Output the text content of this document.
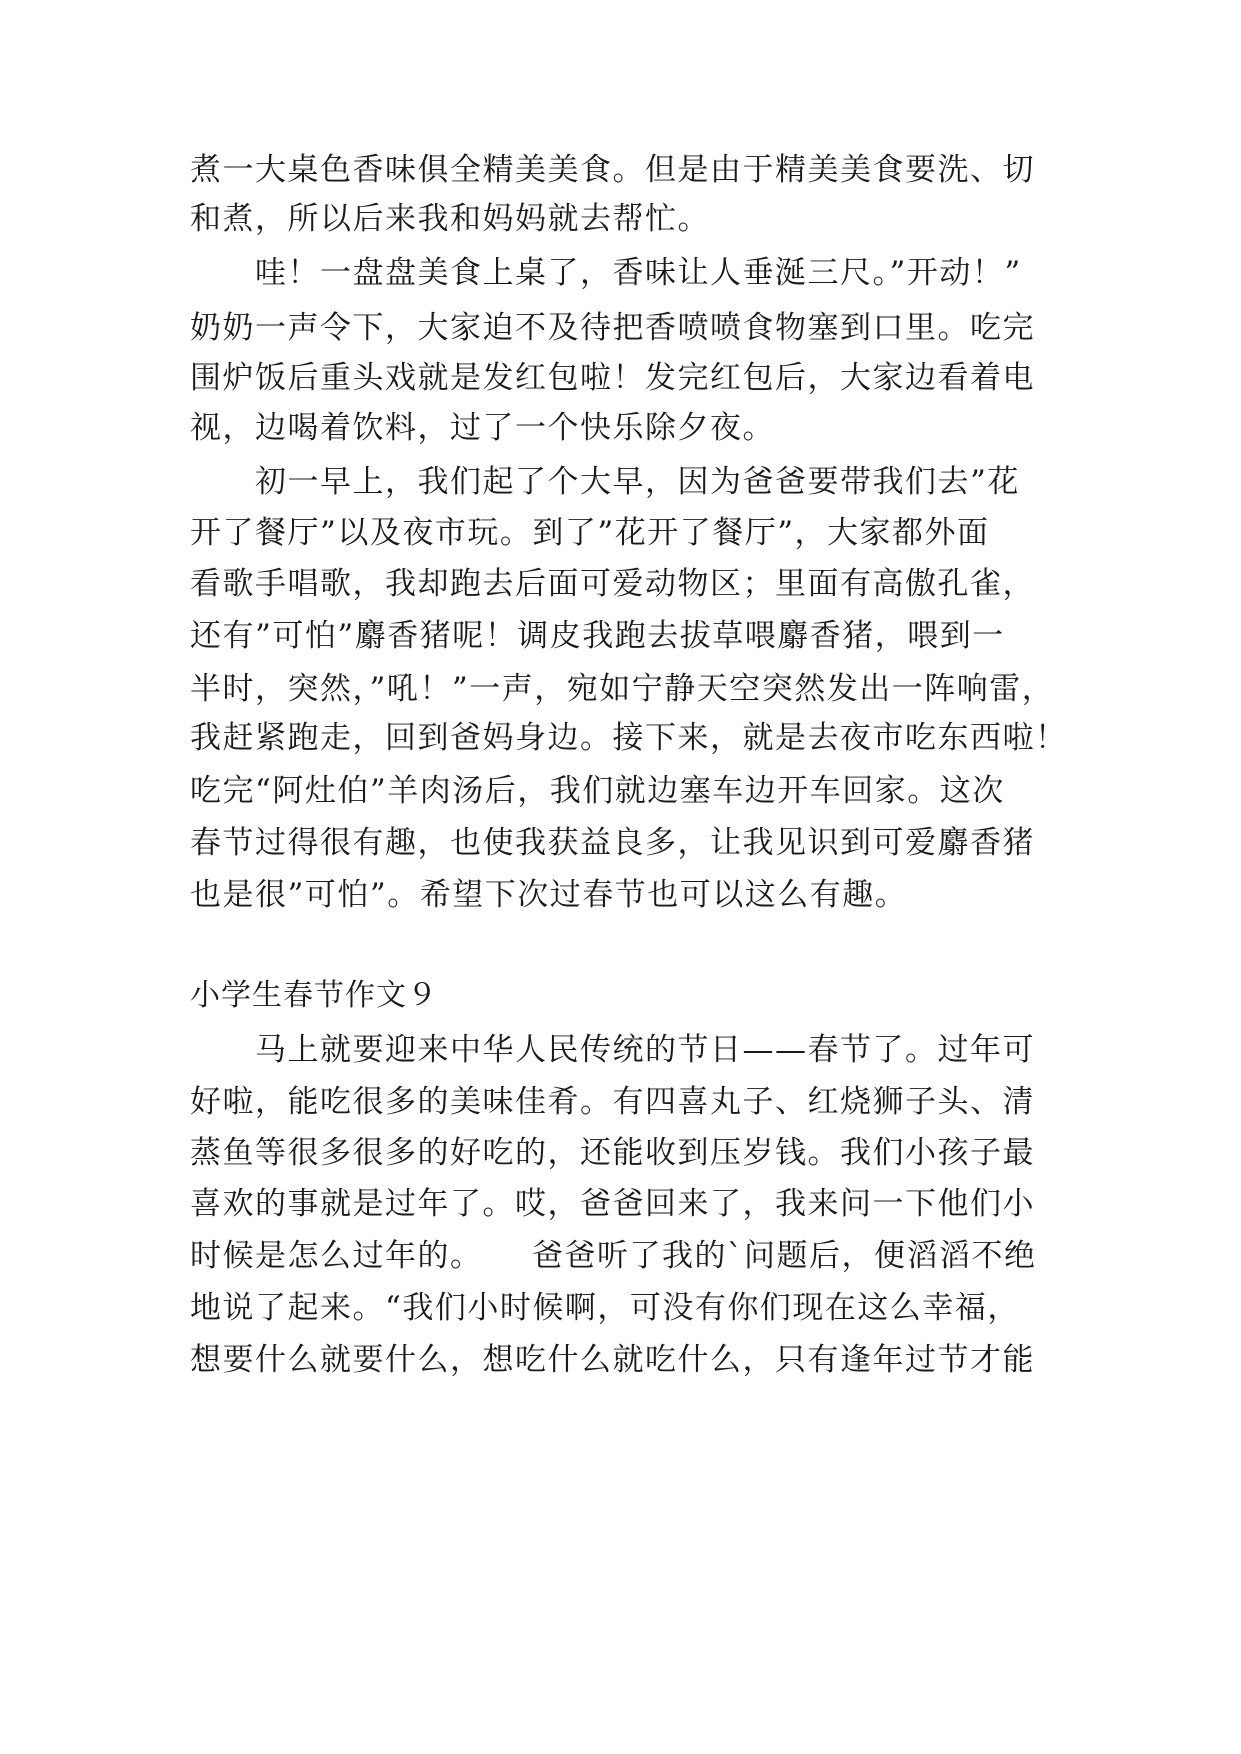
煮一大桌色香味俱全精美美食。但是由于精美美食要洗、切
和煮，所以后来我和妈妈就去帮忙。
　　哇！一盘盘美食上桌了，香味让人垂涎三尺。”开动！”
奶奶一声令下，大家迫不及待把香喷喷食物塞到口里。吃完
围炉饭后重头戏就是发红包啦！发完红包后，大家边看着电
视，边喝着饮料，过了一个快乐除夕夜。
　　初一早上，我们起了个大早，因为爸爸要带我们去”花
开了餐厅”以及夜市玩。到了”花开了餐厅”，大家都外面
看歌手唱歌，我却跑去后面可爱动物区；里面有高傲孔雀，
还有”可怕”麝香猪呢！调皮我跑去拔草喂麝香猪，喂到一
半时，突然，”吼！”一声，宛如宁静天空突然发出一阵响雷，
我赶紧跑走，回到爸妈身边。接下来，就是去夜市吃东西啦！
吃完“阿灶伯”羊肉汤后，我们就边塞车边开车回家。这次
春节过得很有趣，也使我获益良多，让我见识到可爱麝香猪
也是很”可怕”。希望下次过春节也可以这么有趣。
小学生春节作文９
　　马上就要迎来中华人民传统的节日——春节了。过年可
好啦，能吃很多的美味佳肴。有四喜丸子、红烧狮子头、清
蒸鱼等很多很多的好吃的，还能收到压岁钱。我们小孩子最
喜欢的事就是过年了。哎，爸爸回来了，我来问一下他们小
时候是怎么过年的。　　爸爸听了我的`问题后，便滔滔不绝
地说了起来。“我们小时候啊，可没有你们现在这么幸福，
想要什么就要什么，想吃什么就吃什么，只有逢年过节才能
